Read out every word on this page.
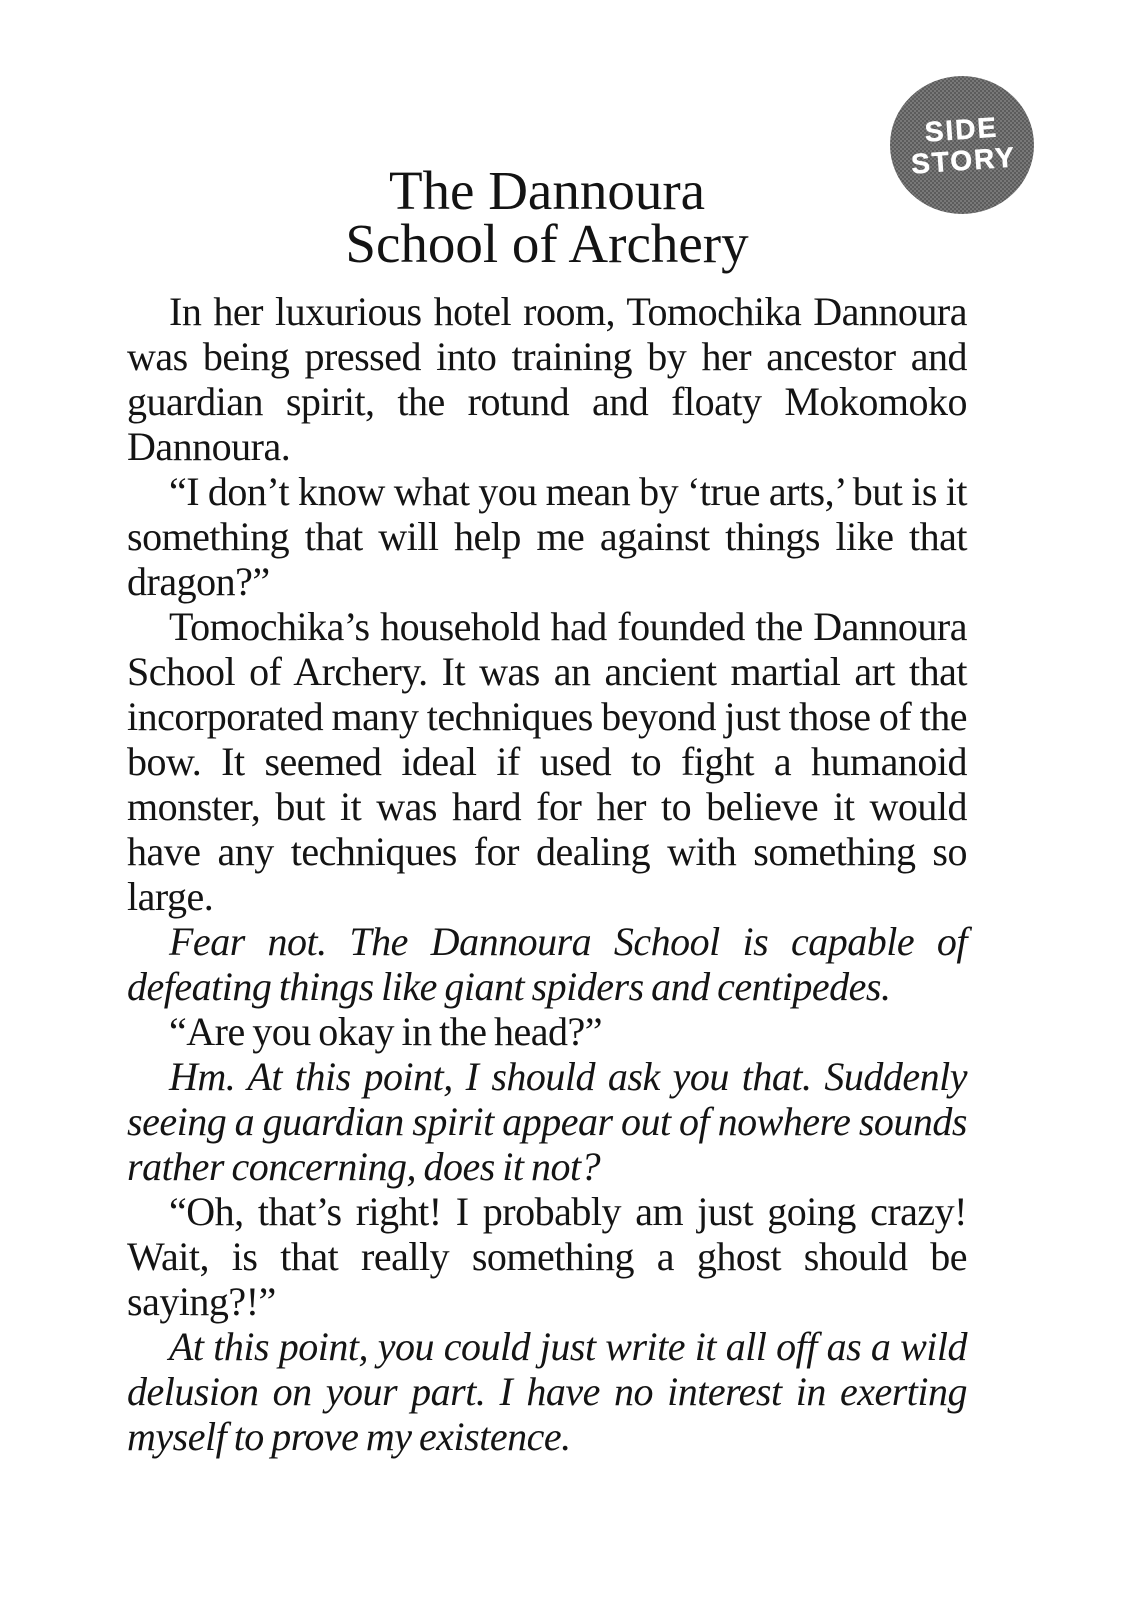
SIDE
STORY
The Dannoura
School of Archery

In her luxurious hotel room, Tomochika Dannoura was being pressed into training by her ancestor and guardian spirit, the rotund and floaty Mokomoko Dannoura.

“I don’t know what you mean by ‘true arts,’ but is it something that will help me against things like that dragon?”

Tomochika’s household had founded the Dannoura School of Archery. It was an ancient martial art that incorporated many techniques beyond just those of the bow. It seemed ideal if used to fight a humanoid monster, but it was hard for her to believe it would have any techniques for dealing with something so large.

Fear not. The Dannoura School is capable of defeating things like giant spiders and centipedes.

“Are you okay in the head?”

Hm. At this point, I should ask you that. Suddenly seeing a guardian spirit appear out of nowhere sounds rather concerning, does it not?

“Oh, that’s right! I probably am just going crazy! Wait, is that really something a ghost should be saying?!”

At this point, you could just write it all off as a wild delusion on your part. I have no interest in exerting myself to prove my existence.
